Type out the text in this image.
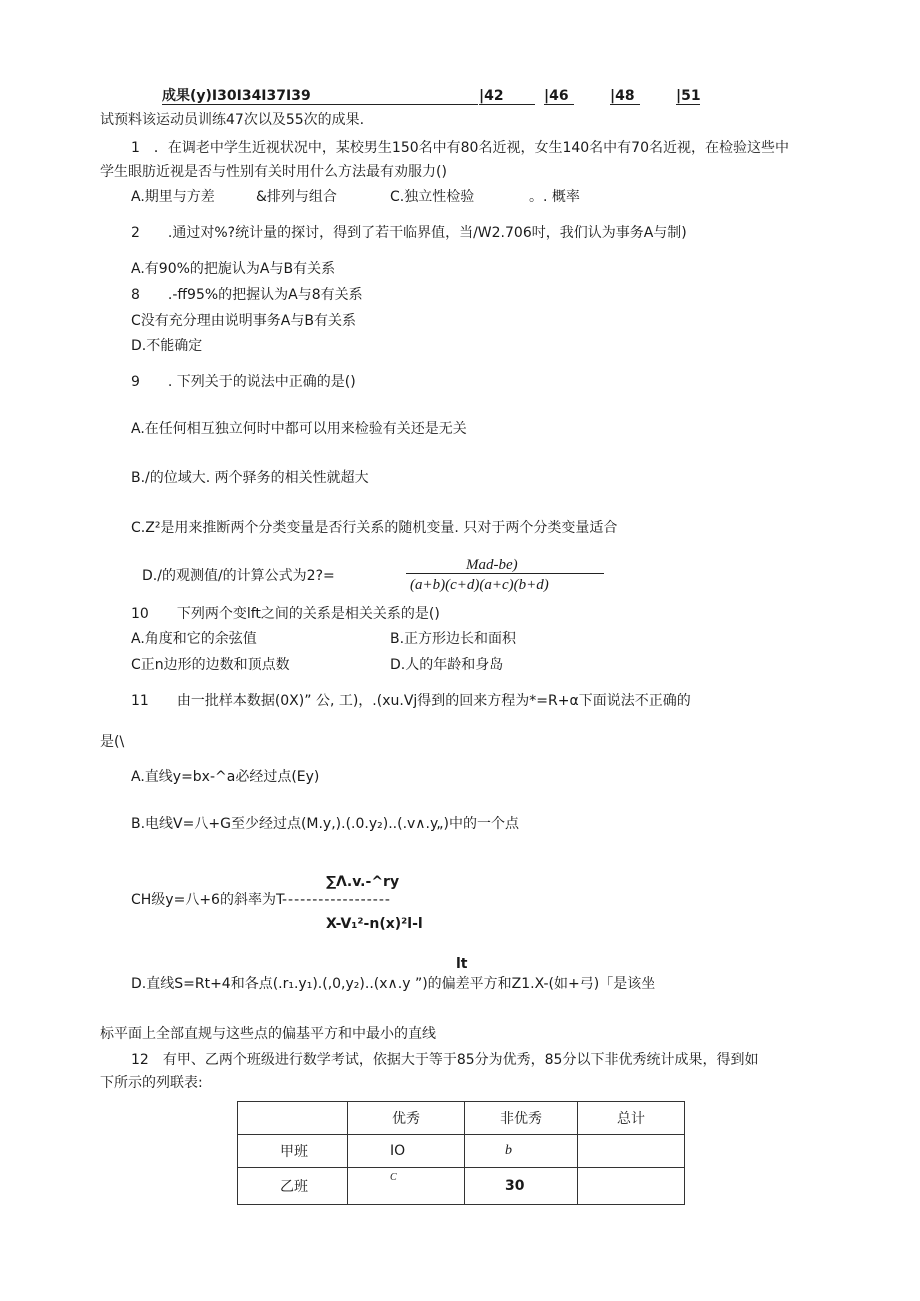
成果(y)I30I34I37I39	|42	|46	|48	|51
试预料该运动员训练47次以及55次的成果.
1　．在调老中学生近视状况中，某校男生150名中有80名近视，女生140名中有70名近视，在检验这些中
学生眼肪近视是否与性别有关时用什么方法最有劝服力()
A.期里与方差	&排列与组合	C.独立性检验	。. 概率
2　　.通过对%?统计量的探讨，得到了若干临界值，当/W2.706吋，我们认为事务A与制)
A.有90%的把旎认为A与B有关系
8　　.-ff95%的把握认为A与8有关系
C没有充分理由说明事务A与B有关系
D.不能确定
9　　. 下列关于的说法中正确的是()
A.在任何相互独立何时中都可以用来检验有关还是无关
B./的位域大. 两个驿务的相关性就超大
C.Z²是用来推断两个分类变量是否行关系的随机变量. 只对于两个分类变量适合
D./的观测值/的计算公式为2?=
Mad-be)
(a+b)(c+d)(a+c)(b+d)
10　　下列两个变lft之间的关系是相关关系的是()
A.角度和它的余弦值	B.正方形边长和面积
C正n边形的边数和顶点数	D.人的年龄和身岛
11　　由一批样本数据(0X)” 公, 工)，.(xu.Vj得到的回来方程为*=R+α下面说法不正确的
是(\
A.直线y=bx-^a必经过点(Ey)
B.电线V=八+G至少经过点(M.y,).(.0.y₂)..(.v∧.y„)中的一个点
∑Λ.v.-^ry
CH级y=八+6的斜率为T
------------------
X-V₁²-n(x)²l-l
lt
D.直线S=Rt+4和各点(.r₁.y₁).(,0,y₂)..(x∧.y ”)的偏差平方和Z1.X-(如+弓)「是该坐
标平面上全部直规与这些点的偏基平方和中最小的直线
12　有甲、乙两个班级进行数学考试，依据大于等于85分为优秀，85分以下非优秀统计成果，得到如
下所示的列联表:

	优秀	非优秀	总计

甲班	IO	b	

乙班	C	30	
